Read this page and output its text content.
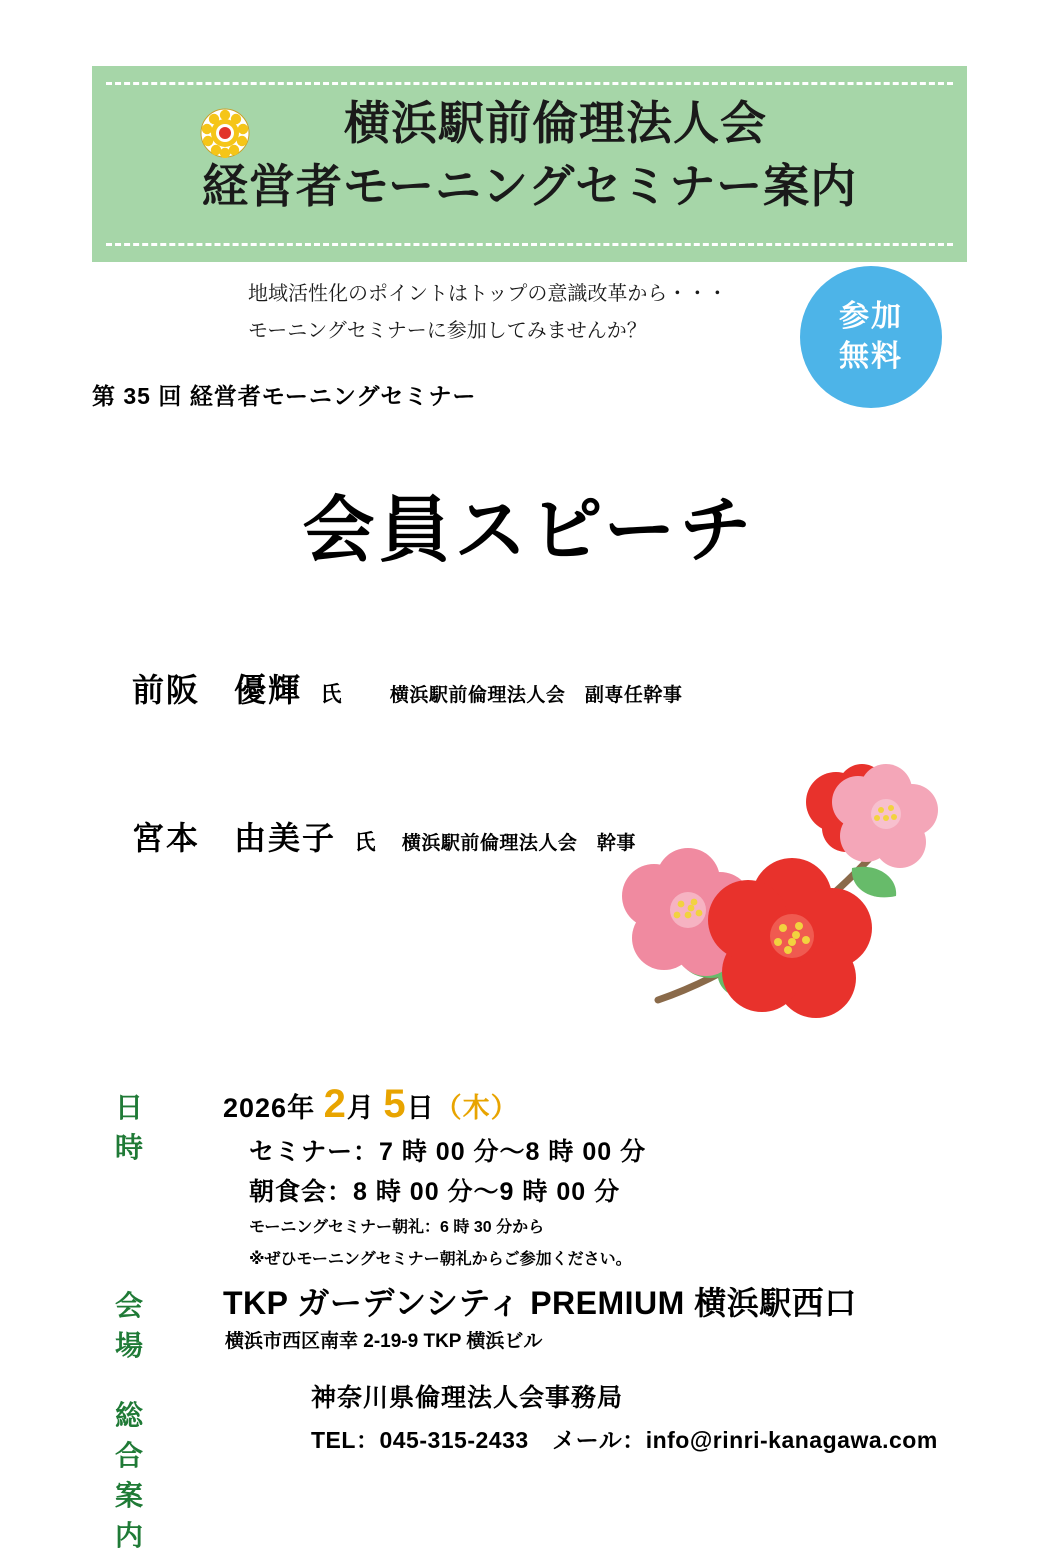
横浜駅前倫理法人会
経営者モーニングセミナー案内
地域活性化のポイントはトップの意識改革から・・・
モーニングセミナーに参加してみませんか？	参加
無料
第 35 回 経営者モーニングセミナー
会員スピーチ
前阪　優輝 氏	横浜駅前倫理法人会　副専任幹事
宮本　由美子 氏 横浜駅前倫理法人会　幹事
日時
2026年 2月 5日（木）
セミナー：7 時 00 分〜8 時 00 分
朝食会：8 時 00 分〜9 時 00 分
モーニングセミナー朝礼：6 時 30 分から
※ぜひモーニングセミナー朝礼からご参加ください。
会場
TKP ガーデンシティ PREMIUM 横浜駅西口
横浜市西区南幸 2-19-9 TKP 横浜ビル
総合案内
神奈川県倫理法人会事務局
TEL：045-315-2433　メール：info@rinri-kanagawa.com
